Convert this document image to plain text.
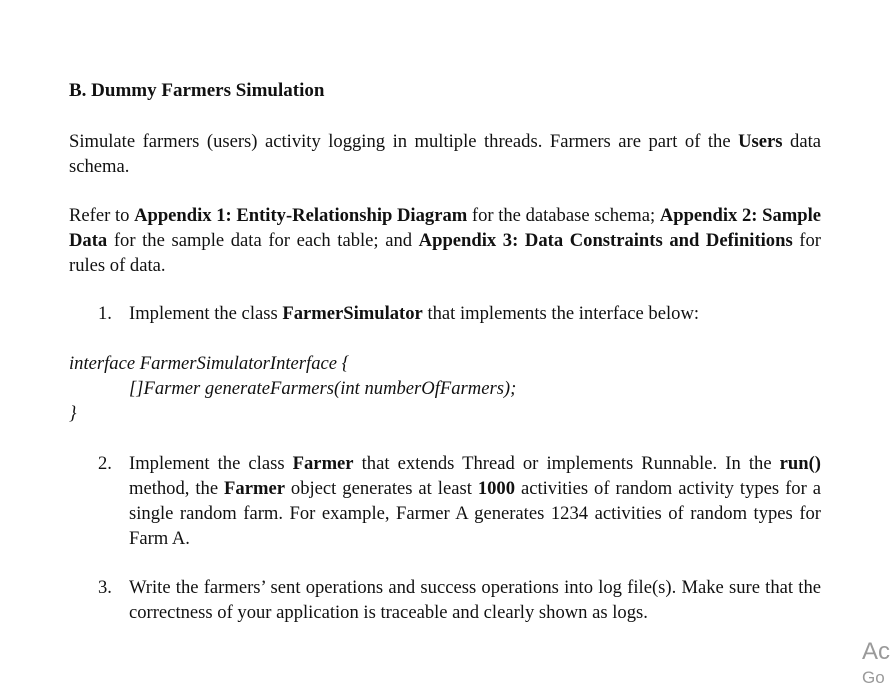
B. Dummy Farmers Simulation
Simulate farmers (users) activity logging in multiple threads. Farmers are part of the Users data schema.
Refer to Appendix 1: Entity-Relationship Diagram for the database schema; Appendix 2: Sample Data for the sample data for each table; and Appendix 3: Data Constraints and Definitions for rules of data.
1. Implement the class FarmerSimulator that implements the interface below:
interface FarmerSimulatorInterface {
[]Farmer generateFarmers(int numberOfFarmers);
}
2. Implement the class Farmer that extends Thread or implements Runnable. In the run() method, the Farmer object generates at least 1000 activities of random activity types for a single random farm. For example, Farmer A generates 1234 activities of random types for Farm A.
3. Write the farmers’ sent operations and success operations into log file(s). Make sure that the correctness of your application is traceable and clearly shown as logs.
Ac
Go
